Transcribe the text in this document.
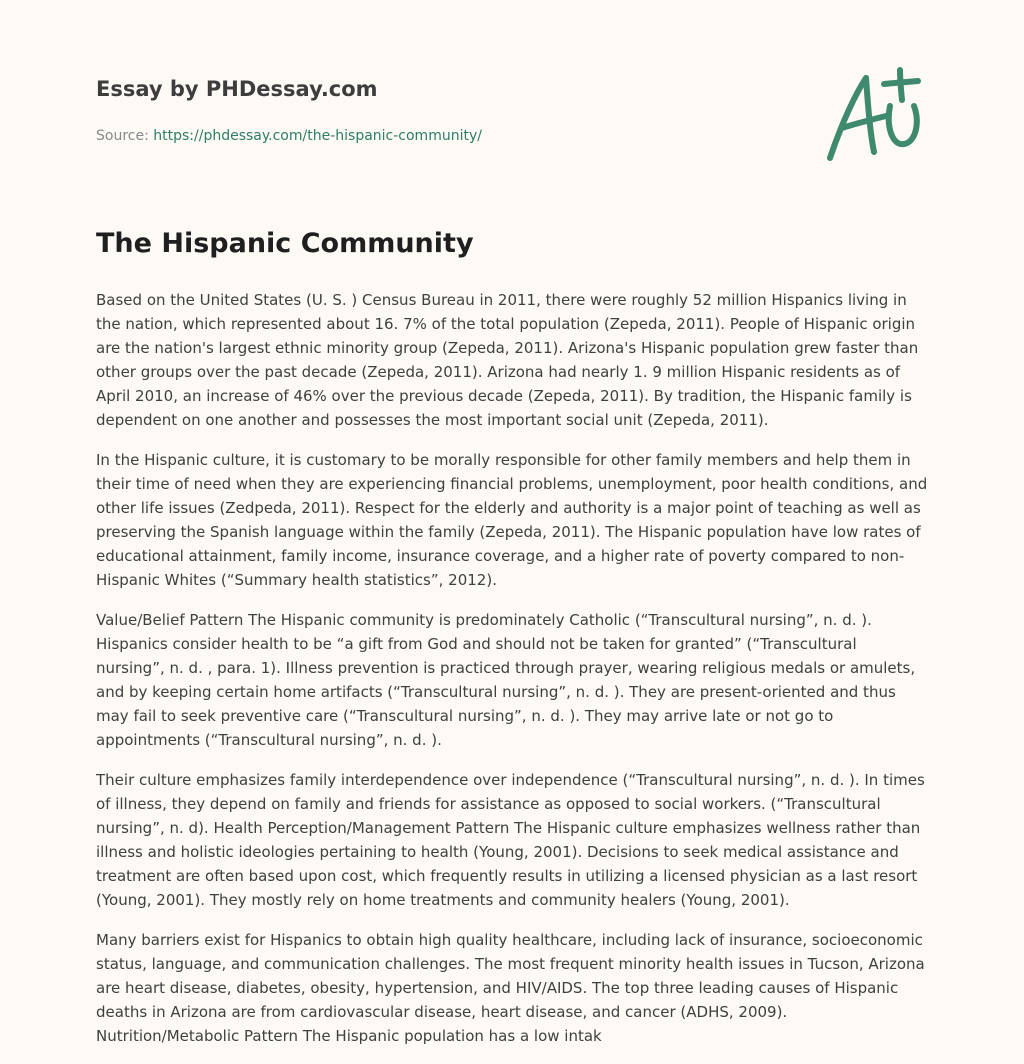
Essay by PHDessay.com
Source: https://phdessay.com/the-hispanic-community/
The Hispanic Community

Based on the United States (U. S. ) Census Bureau in 2011, there were roughly 52 million Hispanics living in the nation, which represented about 16. 7% of the total population (Zepeda, 2011). People of Hispanic origin are the nation's largest ethnic minority group (Zepeda, 2011). Arizona's Hispanic population grew faster than other groups over the past decade (Zepeda, 2011). Arizona had nearly 1. 9 million Hispanic residents as of April 2010, an increase of 46% over the previous decade (Zepeda, 2011). By tradition, the Hispanic family is dependent on one another and possesses the most important social unit (Zepeda, 2011).

In the Hispanic culture, it is customary to be morally responsible for other family members and help them in their time of need when they are experiencing financial problems, unemployment, poor health conditions, and other life issues (Zedpeda, 2011). Respect for the elderly and authority is a major point of teaching as well as preserving the Spanish language within the family (Zepeda, 2011). The Hispanic population have low rates of educational attainment, family income, insurance coverage, and a higher rate of poverty compared to non-Hispanic Whites (“Summary health statistics”, 2012).

Value/Belief Pattern The Hispanic community is predominately Catholic (“Transcultural nursing”, n. d. ). Hispanics consider health to be “a gift from God and should not be taken for granted” (“Transcultural nursing”, n. d. , para. 1). Illness prevention is practiced through prayer, wearing religious medals or amulets, and by keeping certain home artifacts (“Transcultural nursing”, n. d. ). They are present-oriented and thus may fail to seek preventive care (“Transcultural nursing”, n. d. ). They may arrive late or not go to appointments (“Transcultural nursing”, n. d. ).

Their culture emphasizes family interdependence over independence (“Transcultural nursing”, n. d. ). In times of illness, they depend on family and friends for assistance as opposed to social workers. (“Transcultural nursing”, n. d). Health Perception/Management Pattern The Hispanic culture emphasizes wellness rather than illness and holistic ideologies pertaining to health (Young, 2001). Decisions to seek medical assistance and treatment are often based upon cost, which frequently results in utilizing a licensed physician as a last resort (Young, 2001). They mostly rely on home treatments and community healers (Young, 2001).

Many barriers exist for Hispanics to obtain high quality healthcare, including lack of insurance, socioeconomic status, language, and communication challenges. The most frequent minority health issues in Tucson, Arizona are heart disease, diabetes, obesity, hypertension, and HIV/AIDS. The top three leading causes of Hispanic deaths in Arizona are from cardiovascular disease, heart disease, and cancer (ADHS, 2009). Nutrition/Metabolic Pattern The Hispanic population has a low intak
